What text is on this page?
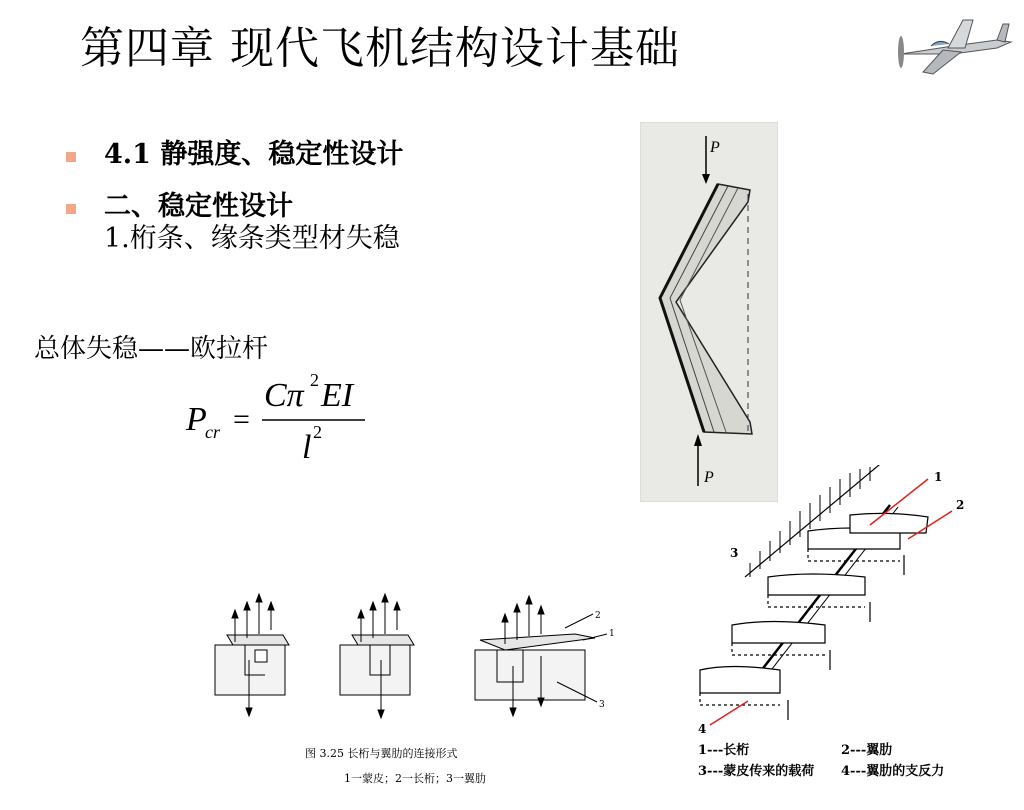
第四章 现代飞机结构设计基础
4.1 静强度、稳定性设计
二、稳定性设计
1.桁条、缘条类型材失稳
总体失稳——欧拉杆
P
cr =
Cπ 2 EI
l 2
P
P
2
1
3
图 3.25 长桁与翼肋的连接形式
1一蒙皮；2一长桁；3一翼肋
1
2
3
4
1---长桁	2---翼肋
3---蒙皮传来的载荷 4---翼肋的支反力
